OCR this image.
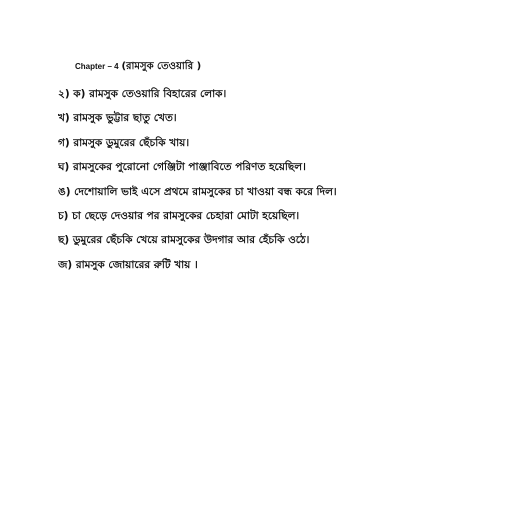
Chapter – 4 (রামসুক তেওয়ারি )
২) ক) রামসুক তেওয়ারি বিহারের লোক।
খ) রামসুক ভুট্টার ছাতু খেত।
গ) রামসুক ডুমুরের ছেঁচকি খায়।
ঘ) রামসুকের পুরোনো গেঞ্জিটা পাঞ্জাবিতে পরিণত হয়েছিল।
ঙ) দেশোয়ালি ভাই এসে প্রথমে রামসুকের চা খাওয়া বন্ধ করে দিল।
চ) চা ছেড়ে দেওয়ার পর রামসুকের চেহারা মোটা হয়েছিল।
ছ) ডুমুরের ছেঁচকি খেয়ে রামসুকের উদগার আর হেঁচকি ওঠে।
জ) রামসুক জোয়ারের রুটি খায় ।
